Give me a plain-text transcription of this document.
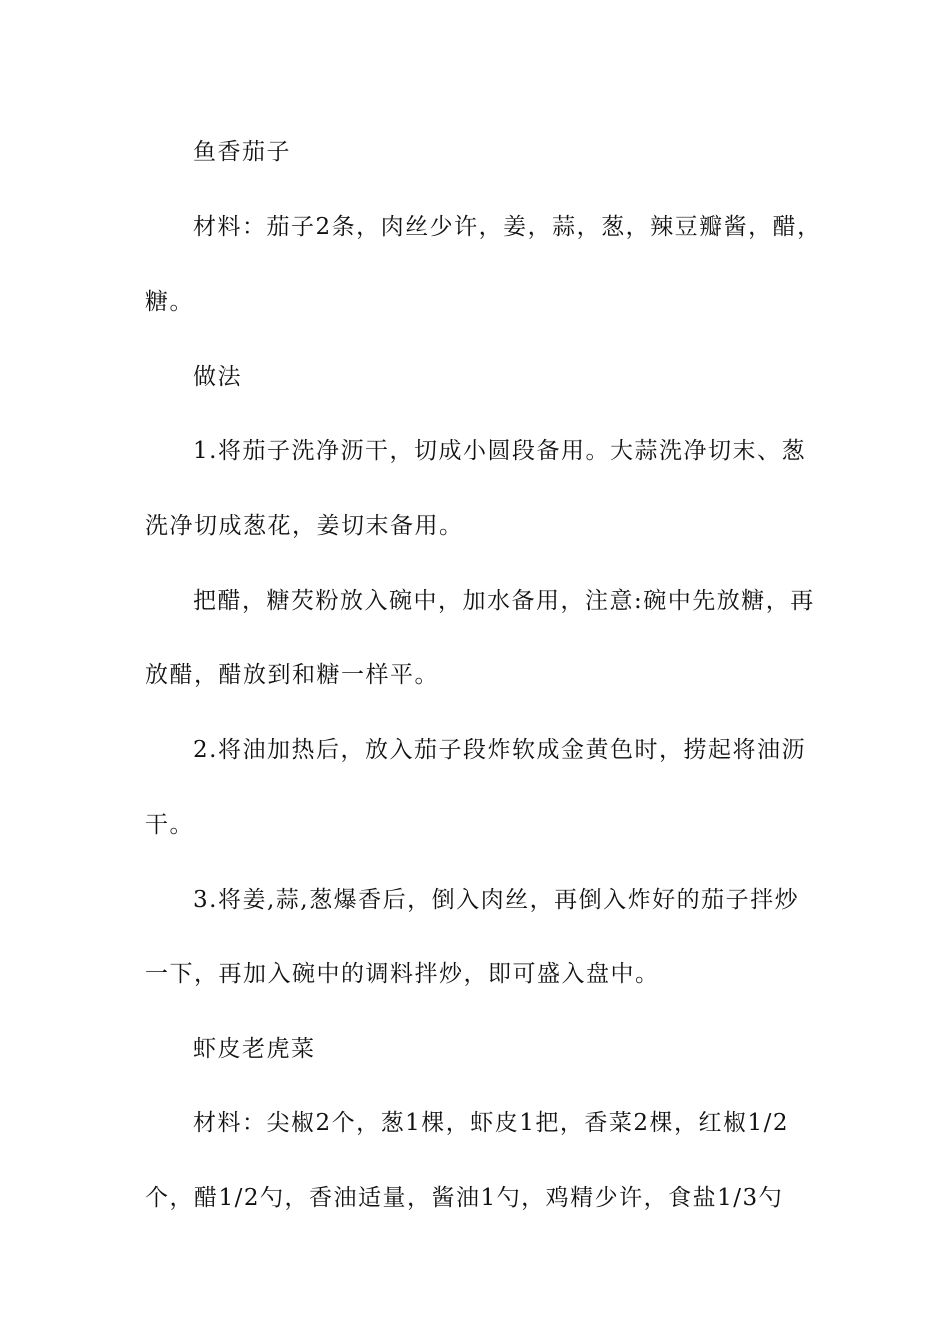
鱼香茄子
材料：茄子2条，肉丝少许，姜，蒜，葱，辣豆瓣酱，醋，
糖。
做法
1.将茄子洗净沥干，切成小圆段备用。大蒜洗净切末、葱
洗净切成葱花，姜切末备用。
把醋，糖芡粉放入碗中，加水备用，注意:碗中先放糖，再
放醋，醋放到和糖一样平。
2.将油加热后，放入茄子段炸软成金黄色时，捞起将油沥
干。
3.将姜,蒜,葱爆香后，倒入肉丝，再倒入炸好的茄子拌炒
一下，再加入碗中的调料拌炒，即可盛入盘中。
虾皮老虎菜
材料：尖椒2个，葱1棵，虾皮1把，香菜2棵，红椒1/2
个，醋1/2勺，香油适量，酱油1勺，鸡精少许，食盐1/3勺
